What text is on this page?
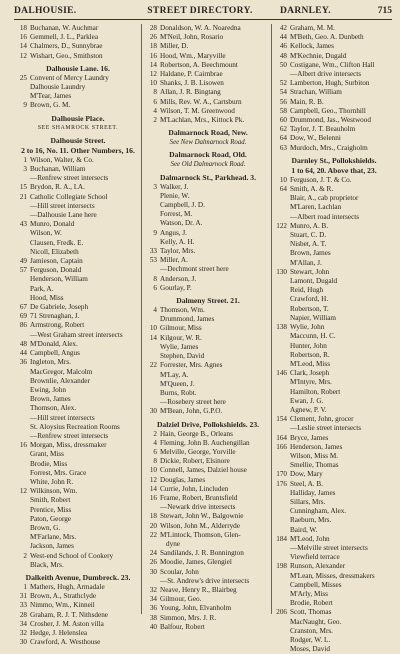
DALHOUSIE.	STREET DIRECTORY.	DARNLEY.	715
18 Buchanan, W. Auchmar
16 Gemmell, J. L., Parklea
14 Chalmers, D., Sunnybrae
12 Wishart, Geo., Smithston
Dalhousie Lane. 16.
25 Convent of Mercy Laundry
Dalhousie Laundry
M'Tear, James
9 Brown, G. M.
Dalhousie Place.
SEE SHAMROCK STREET.
Dalhousie Street.
2 to 16, No. 11. Other Numbers, 16.
1 Wilson, Walter, & Co.
3 Buchanan, William
—Renfrew street intersects
15 Brydon, R. A., I.A.
21 Catholic Collegiate School
—Hill street intersects
—Dalhousie Lane here
43 Munro, Donald
Wilson, W.
Clausen, Fredk. E.
Nicoll, Elizabeth
49 Jamieson, Captain
57 Ferguson, Donald
Henderson, William
Park, A.
Hood, Miss
67 De Gabriele, Joseph
69 71 Strenaghan, J.
86 Armstrong, Robert
—West Graham street intersects
48 M'Donald, Alex.
44 Campbell, Angus
36 Ingleton, Mrs.
MacGregor, Malcolm
Brownlie, Alexander
Ewing, John
Brown, James
Thomson, Alex.
—Hill street intersects
St. Aloysius Recreation Rooms
—Renfrew street intersects
16 Morgan, Miss, dressmaker
Grant, Miss
Brodie, Miss
Forrest, Mrs. Grace
White, John R.
12 Wilkinson, Wm.
Smith, Robert
Prentice, Miss
Paton, George
Brown, G.
M'Farlane, Mrs.
Jackson, James
2 West-end School of Cookery
Black, Mrs.
Dalkeith Avenue, Dumbreck. 23.
1 Mathers, Hugh, Armadale
31 Brown, A., Strathclyde
33 Nimmo, Wm., Kinneil
28 Graham, R. J. T. Nithsdene
34 Crosher, J. M. Aston villa
32 Hedge, J. Helenslea
30 Crawford, A. Westhouse
28 Donaldson, W. A. Noaredna
26 M'Neil, John, Rosario
18 Miller, D.
16 Hood, Wm., Maryville
14 Robertson, A. Beechmount
12 Haldane, P. Cairnbrae
10 Shanks, J. B. Lisowen
8 Allan, J. R. Bingtang
6 Mills, Rev. W. A., Cartsburn
4 Wilson, T. M. Greenwood
2 M'Lachlan, Mrs., Kittock Pk.
Dalmarnock Road, New.
See New Dalmarnock Road.
Dalmarnock Road, Old.
See Old Dalmarnock Road.
Dalmarnock St., Parkhead. 3.
3 Walker, J.
Plenie, W.
Campbell, J. D.
Forrest, M.
Watson, Dr. A.
9 Angus, J.
Kelly, A. H.
33 Taylor, Mrs.
53 Miller, A.
—Dechmont street here
8 Anderson, J.
6 Gourlay, P.
Dalmeny Street. 21.
4 Thomson, Wm.
Drummond, James
10 Gilmour, Miss
14 Kilgour, W. R.
Wylie, James
Stephen, David
22 Forrester, Mrs. Agnes
M'Lay, A.
M'Queen, J.
Burns, Robt.
—Rosebery street here
30 M'Bean, John, G.P.O.
Dalziel Drive, Pollokshields. 23.
2 Hain, George B., Orleans
4 Fleming, John B. Auchengillan
6 Melville, George, Yorville
8 Dickie, Robert, Elsinore
10 Connell, James, Dalziel house
12 Douglas, James
14 Currie, John, Lincluden
16 Frame, Robert, Bruntsfield
—Newark drive intersects
18 Stewart, John W., Balgownie
20 Wilson, John M., Alderryde
22 M'Lintock, Thomson, Glen-
dyne
24 Sandilands, J. R. Bonnington
26 Moodie, James, Glengiel
30 Scoular, John
—St. Andrew's drive intersects
32 Neave, Henry R., Blairbeg
34 Gilmour, Geo.
36 Young, John, Elvanholm
38 Simmon, Mrs. J. R.
40 Balfour, Robert
42 Graham, M. M.
44 M'Beth, Geo. A. Dunbeth
46 Kellock, James
48 M'Kechnie, Dugald
50 Costigane, Wm., Clifton Hall
—Albert drive intersects
52 Lamberton, Hugh, Surbiton
54 Strachan, William
56 Main, R. B.
58 Campbell, Geo., Thornhill
60 Drummond, Jas., Westwood
62 Taylor, J. T. Beauholm
64 Dow, W., Belenni
63 Murdoch, Mrs., Craigholm
Darnley St., Pollokshields.
1 to 64, 20. Above that, 23.
10 Ferguson, J. T. & Co.
64 Smith, A. & R.
Blair, A., cab proprietor
M'Laren, Lachlan
—Albert road intersects
122 Munro, A. B.
Stuart, C. D.
Nisbet, A. T.
Brown, James
M'Allan, J.
130 Stewart, John
Lamont, Dugald
Reid, Hugh
Crawford, H.
Robertson, T.
Napier, William
138 Wylie, John
Maccunn, H. C.
Hunter, John
Robertson, R.
M'Leod, Miss
146 Clark, Joseph
M'Intyre, Mrs.
Hamilton, Robert
Ewan, J. G.
Agnew, P. V.
154 Clement, John, grocer
—Leslie street intersects
164 Bryce, James
166 Henderson, James
Wilson, Miss M.
Smellie, Thomas
170 Dow, Mary
176 Steel, A. B.
Halliday, James
Sillars, Mrs.
Cunningham, Alex.
Raeburn, Mrs.
Baird, W.
184 M'Leod, John
—Melville street intersects
Viewfield terrace
198 Runson, Alexander
M'Lean, Misses, dressmakers
Campbell, Misses
M'Arly, Miss
Brodie, Robert
206 Scott, Thomas
MacNaught, Geo.
Cranston, Mrs.
Rodger, W. L.
Moses, David
